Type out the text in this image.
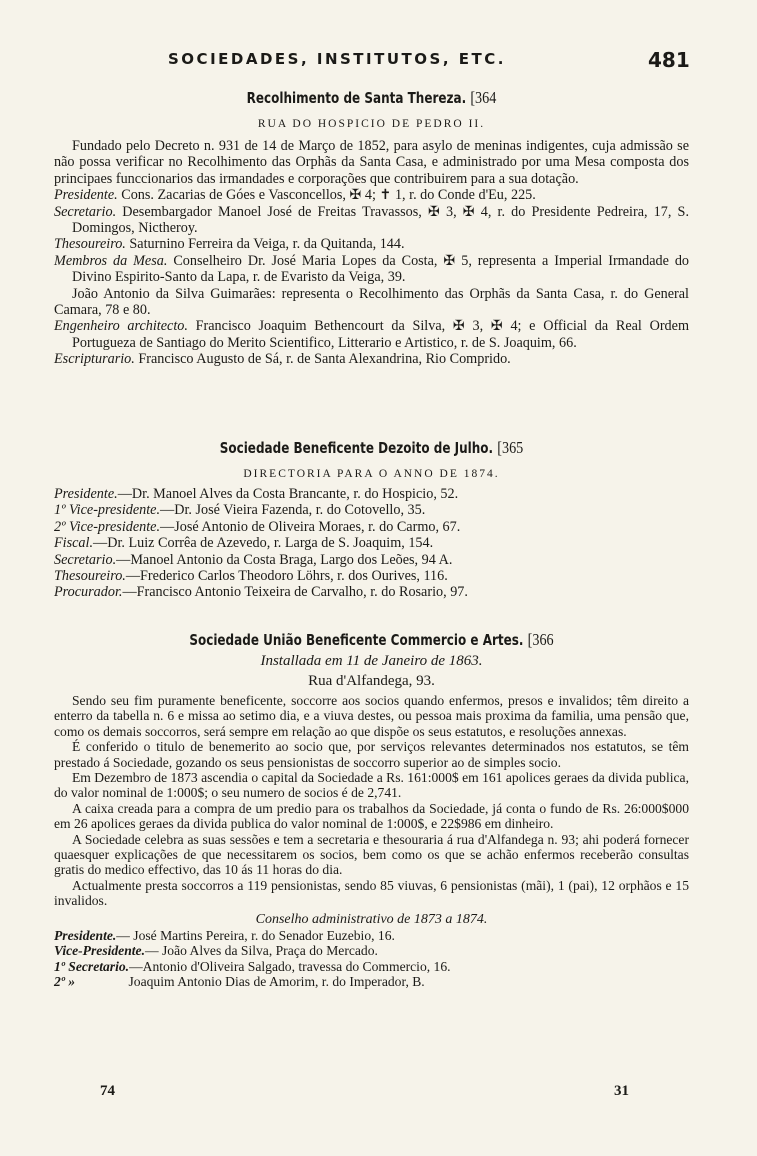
SOCIEDADES, INSTITUTOS, ETC.	481
Recolhimento de Santa Thereza. [364
RUA DO HOSPICIO DE PEDRO II.

Fundado pelo Decreto n. 931 de 14 de Março de 1852, para asylo de meninas indigentes, cuja admissão se não possa verificar no Recolhimento das Orphãs da Santa Casa, e administrado por uma Mesa composta dos principaes funccionarios das irmandades e corporações que contribuirem para a sua dotação.

Presidente. Cons. Zacarias de Góes e Vasconcellos, ✠ 4; ✝ 1, r. do Conde d'Eu, 225.

Secretario. Desembargador Manoel José de Freitas Travassos, ✠ 3, ✠ 4, r. do Presidente Pedreira, 17, S. Domingos, Nictheroy.

Thesoureiro. Saturnino Ferreira da Veiga, r. da Quitanda, 144.

Membros da Mesa. Conselheiro Dr. José Maria Lopes da Costa, ✠ 5, representa a Imperial Irmandade do Divino Espirito-Santo da Lapa, r. de Evaristo da Veiga, 39.

João Antonio da Silva Guimarães: representa o Recolhimento das Orphãs da Santa Casa, r. do General Camara, 78 e 80.

Engenheiro architecto. Francisco Joaquim Bethencourt da Silva, ✠ 3, ✠ 4; e Official da Real Ordem Portugueza de Santiago do Merito Scientifico, Litterario e Artistico, r. de S. Joaquim, 66.

Escripturario. Francisco Augusto de Sá, r. de Santa Alexandrina, Rio Comprido.

Sociedade Beneficente Dezoito de Julho. [365
DIRECTORIA PARA O ANNO DE 1874.

Presidente.—Dr. Manoel Alves da Costa Brancante, r. do Hospicio, 52.

1º Vice-presidente.—Dr. José Vieira Fazenda, r. do Cotovello, 35.

2º Vice-presidente.—José Antonio de Oliveira Moraes, r. do Carmo, 67.

Fiscal.—Dr. Luiz Corrêa de Azevedo, r. Larga de S. Joaquim, 154.

Secretario.—Manoel Antonio da Costa Braga, Largo dos Leões, 94 A.

Thesoureiro.—Frederico Carlos Theodoro Löhrs, r. dos Ourives, 116.

Procurador.—Francisco Antonio Teixeira de Carvalho, r. do Rosario, 97.

Sociedade União Beneficente Commercio e Artes. [366
Installada em 11 de Janeiro de 1863.
Rua d'Alfandega, 93.

Sendo seu fim puramente beneficente, soccorre aos socios quando enfermos, presos e invalidos; têm direito a enterro da tabella n. 6 e missa ao setimo dia, e a viuva destes, ou pessoa mais proxima da familia, uma pensão que, como os demais soccorros, será sempre em relação ao que dispõe os seus estatutos, e resoluções annexas.

É conferido o titulo de benemerito ao socio que, por serviços relevantes determinados nos estatutos, se têm prestado á Sociedade, gozando os seus pensionistas de soccorro superior ao de simples socio.

Em Dezembro de 1873 ascendia o capital da Sociedade a Rs. 161:000$ em 161 apolices geraes da divida publica, do valor nominal de 1:000$; o seu numero de socios é de 2,741.

A caixa creada para a compra de um predio para os trabalhos da Sociedade, já conta o fundo de Rs. 26:000$000 em 26 apolices geraes da divida publica do valor nominal de 1:000$, e 22$986 em dinheiro.

A Sociedade celebra as suas sessões e tem a secretaria e thesouraria á rua d'Alfandega n. 93; ahi poderá fornecer quaesquer explicações de que necessitarem os socios, bem como os que se achão enfermos receberão consultas gratis do medico effectivo, das 10 ás 11 horas do dia.

Actualmente presta soccorros a 119 pensionistas, sendo 85 viuvas, 6 pensionistas (mãi), 1 (pai), 12 orphãos e 15 invalidos.

Conselho administrativo de 1873 a 1874.

Presidente.— José Martins Pereira, r. do Senador Euzebio, 16.

Vice-Presidente.— João Alves da Silva, Praça do Mercado.

1º Secretario.—Antonio d'Oliveira Salgado, travessa do Commercio, 16.

2º »	Joaquim Antonio Dias de Amorim, r. do Imperador, B.

74	31
